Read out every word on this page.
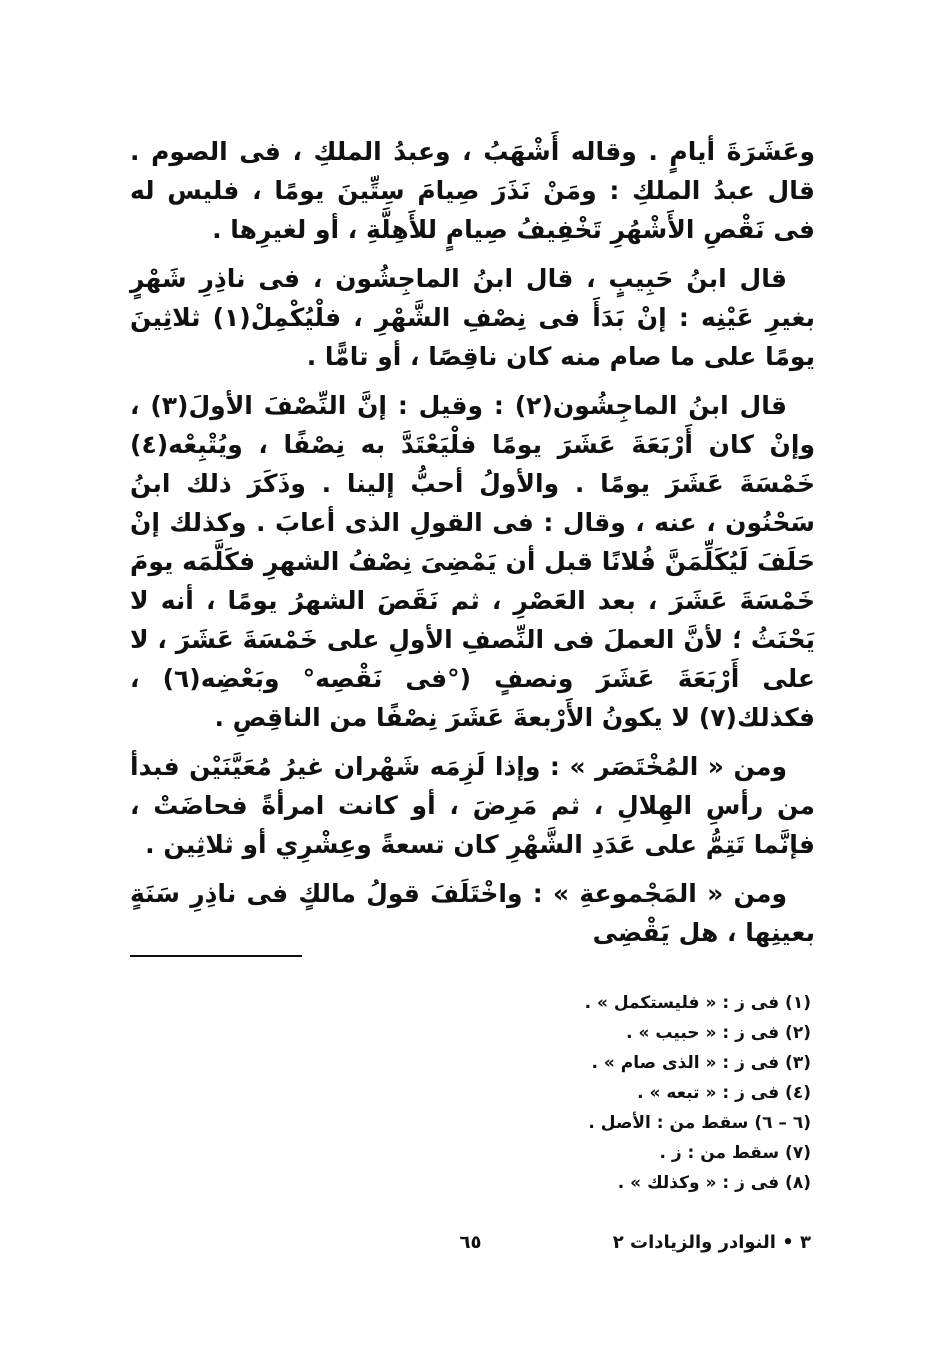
وعَشَرَةَ أيامٍ . وقاله أَشْهَبُ ، وعبدُ الملكِ ، فى الصوم . قال عبدُ الملكِ : ومَنْ نَذَرَ صِيامَ سِتِّينَ يومًا ، فليس له فى نَقْصِ الأَشْهُرِ تَخْفِيفُ صِيامٍ للأَهِلَّةِ ، أو لغيرِها .

قال ابنُ حَبِيبٍ ، قال ابنُ الماجِشُون ، فى ناذِرِ شَهْرٍ بغيرِ عَيْنِه : إنْ بَدَأَ فى نِصْفِ الشَّهْرِ ، فلْيُكْمِلْ(١) ثلاثِينَ يومًا على ما صام منه كان ناقِصًا ، أو تامًّا .

قال ابنُ الماجِشُون(٢) : وقيل : إنَّ النِّصْفَ الأولَ(٣) ، وإنْ كان أَرْبَعَةَ عَشَرَ يومًا فلْيَعْتَدَّ به نِصْفًا ، ويُتْبِعْه(٤) خَمْسَةَ عَشَرَ يومًا . والأولُ أحبُّ إلينا . وذَكَرَ ذلك ابنُ سَحْنُون ، عنه ، وقال : فى القولِ الذى أعابَ . وكذلك إنْ حَلَفَ لَيُكَلِّمَنَّ فُلانًا قبل أن يَمْضِىَ نِصْفُ الشهرِ فكَلَّمَه يومَ خَمْسَةَ عَشَرَ ، بعد العَصْرِ ، ثم نَقَصَ الشهرُ يومًا ، أنه لا يَحْنَثُ ؛ لأنَّ العملَ فى النِّصفِ الأولِ على خَمْسَةَ عَشَرَ ، لا على أَرْبَعَةَ عَشَرَ ونصفٍ (°فى نَقْصِه° وبَعْضِه(٦) ، فكذلك(٧) لا يكونُ الأَرْبعةَ عَشَرَ نِصْفًا من الناقِصِ .

ومن « المُخْتَصَر » : وإذا لَزِمَه شَهْران غيرُ مُعَيَّنَيْن فبدأ من رأسِ الهِلالِ ، ثم مَرِضَ ، أو كانت امرأةً فحاضَتْ ، فإنَّما تَتِمُّ على عَدَدِ الشَّهْرِ كان تسعةً وعِشْرِي أو ثلاثِين .

ومن « المَجْموعةِ » : واخْتَلَفَ قولُ مالكٍ فى ناذِرِ سَنَةٍ بعينِها ، هل يَقْضِى

(١) فى ز : « فليستكمل » .
(٢) فى ز : « حبيب » .
(٣) فى ز : « الذى صام » .
(٤) فى ز : « تبعه » .
(٦ – ٦) سقط من : الأصل .
(٧) سقط من : ز .
(٨) فى ز : « وكذلك » .
٣ • النوادر والزيادات ٢
٦٥
